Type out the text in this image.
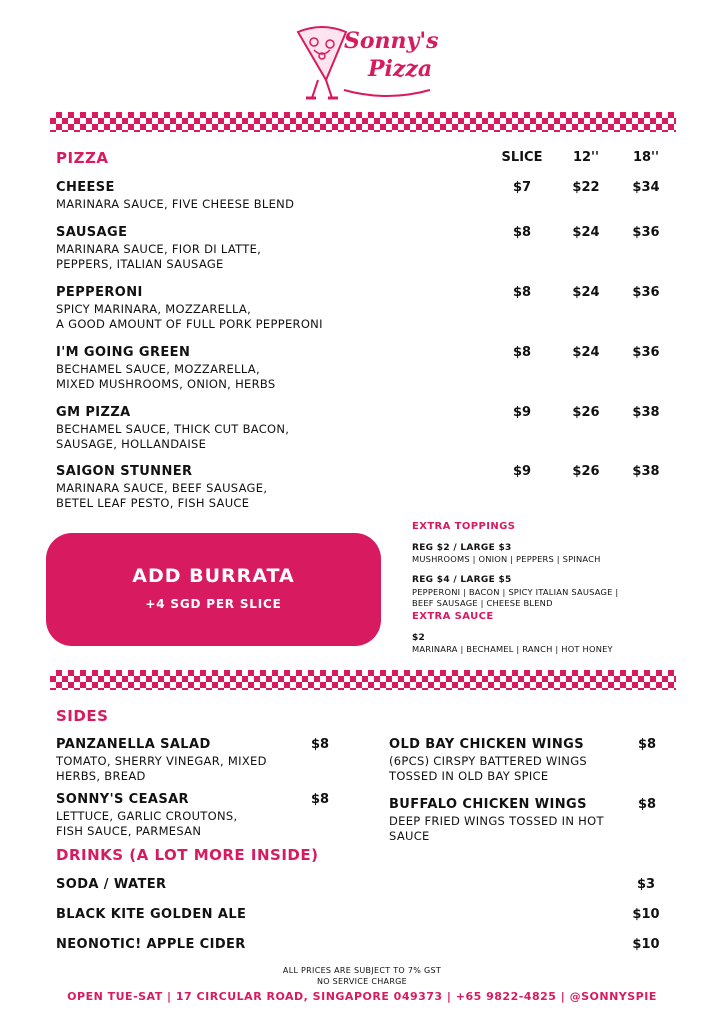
Sonny's
Pizza
PIZZA	SLICE	12''	18''
CHEESE
MARINARA SAUCE, FIVE CHEESE BLEND
$7	$22	$34
SAUSAGE
MARINARA SAUCE, FIOR DI LATTE,
PEPPERS, ITALIAN SAUSAGE
$8	$24	$36
PEPPERONI
SPICY MARINARA, MOZZARELLA,
A GOOD AMOUNT OF FULL PORK PEPPERONI
$8	$24	$36
I'M GOING GREEN
BECHAMEL SAUCE, MOZZARELLA,
MIXED MUSHROOMS, ONION, HERBS
$8	$24	$36
GM PIZZA
BECHAMEL SAUCE, THICK CUT BACON,
SAUSAGE, HOLLANDAISE
$9	$26	$38
SAIGON STUNNER
MARINARA SAUCE, BEEF SAUSAGE,
BETEL LEAF PESTO, FISH SAUCE
$9	$26	$38
ADD BURRATA
+4 SGD PER SLICE
EXTRA TOPPINGS
REG $2 / LARGE $3
MUSHROOMS | ONION | PEPPERS | SPINACH
REG $4 / LARGE $5
PEPPERONI | BACON | SPICY ITALIAN SAUSAGE |
BEEF SAUSAGE | CHEESE BLEND
EXTRA SAUCE
$2
MARINARA | BECHAMEL | RANCH | HOT HONEY
SIDES
PANZANELLA SALAD
TOMATO, SHERRY VINEGAR, MIXED
HERBS, BREAD
$8
SONNY'S CEASAR
LETTUCE, GARLIC CROUTONS,
FISH SAUCE, PARMESAN
$8
OLD BAY CHICKEN WINGS
(6PCS) CIRSPY BATTERED WINGS
TOSSED IN OLD BAY SPICE
$8
BUFFALO CHICKEN WINGS
DEEP FRIED WINGS TOSSED IN HOT
SAUCE
$8
DRINKS (A LOT MORE INSIDE)
SODA / WATER	$3
BLACK KITE GOLDEN ALE	$10
NEONOTIC! APPLE CIDER	$10
ALL PRICES ARE SUBJECT TO 7% GST
NO SERVICE CHARGE
OPEN TUE-SAT | 17 CIRCULAR ROAD, SINGAPORE 049373 | +65 9822-4825 | @SONNYSPIE
